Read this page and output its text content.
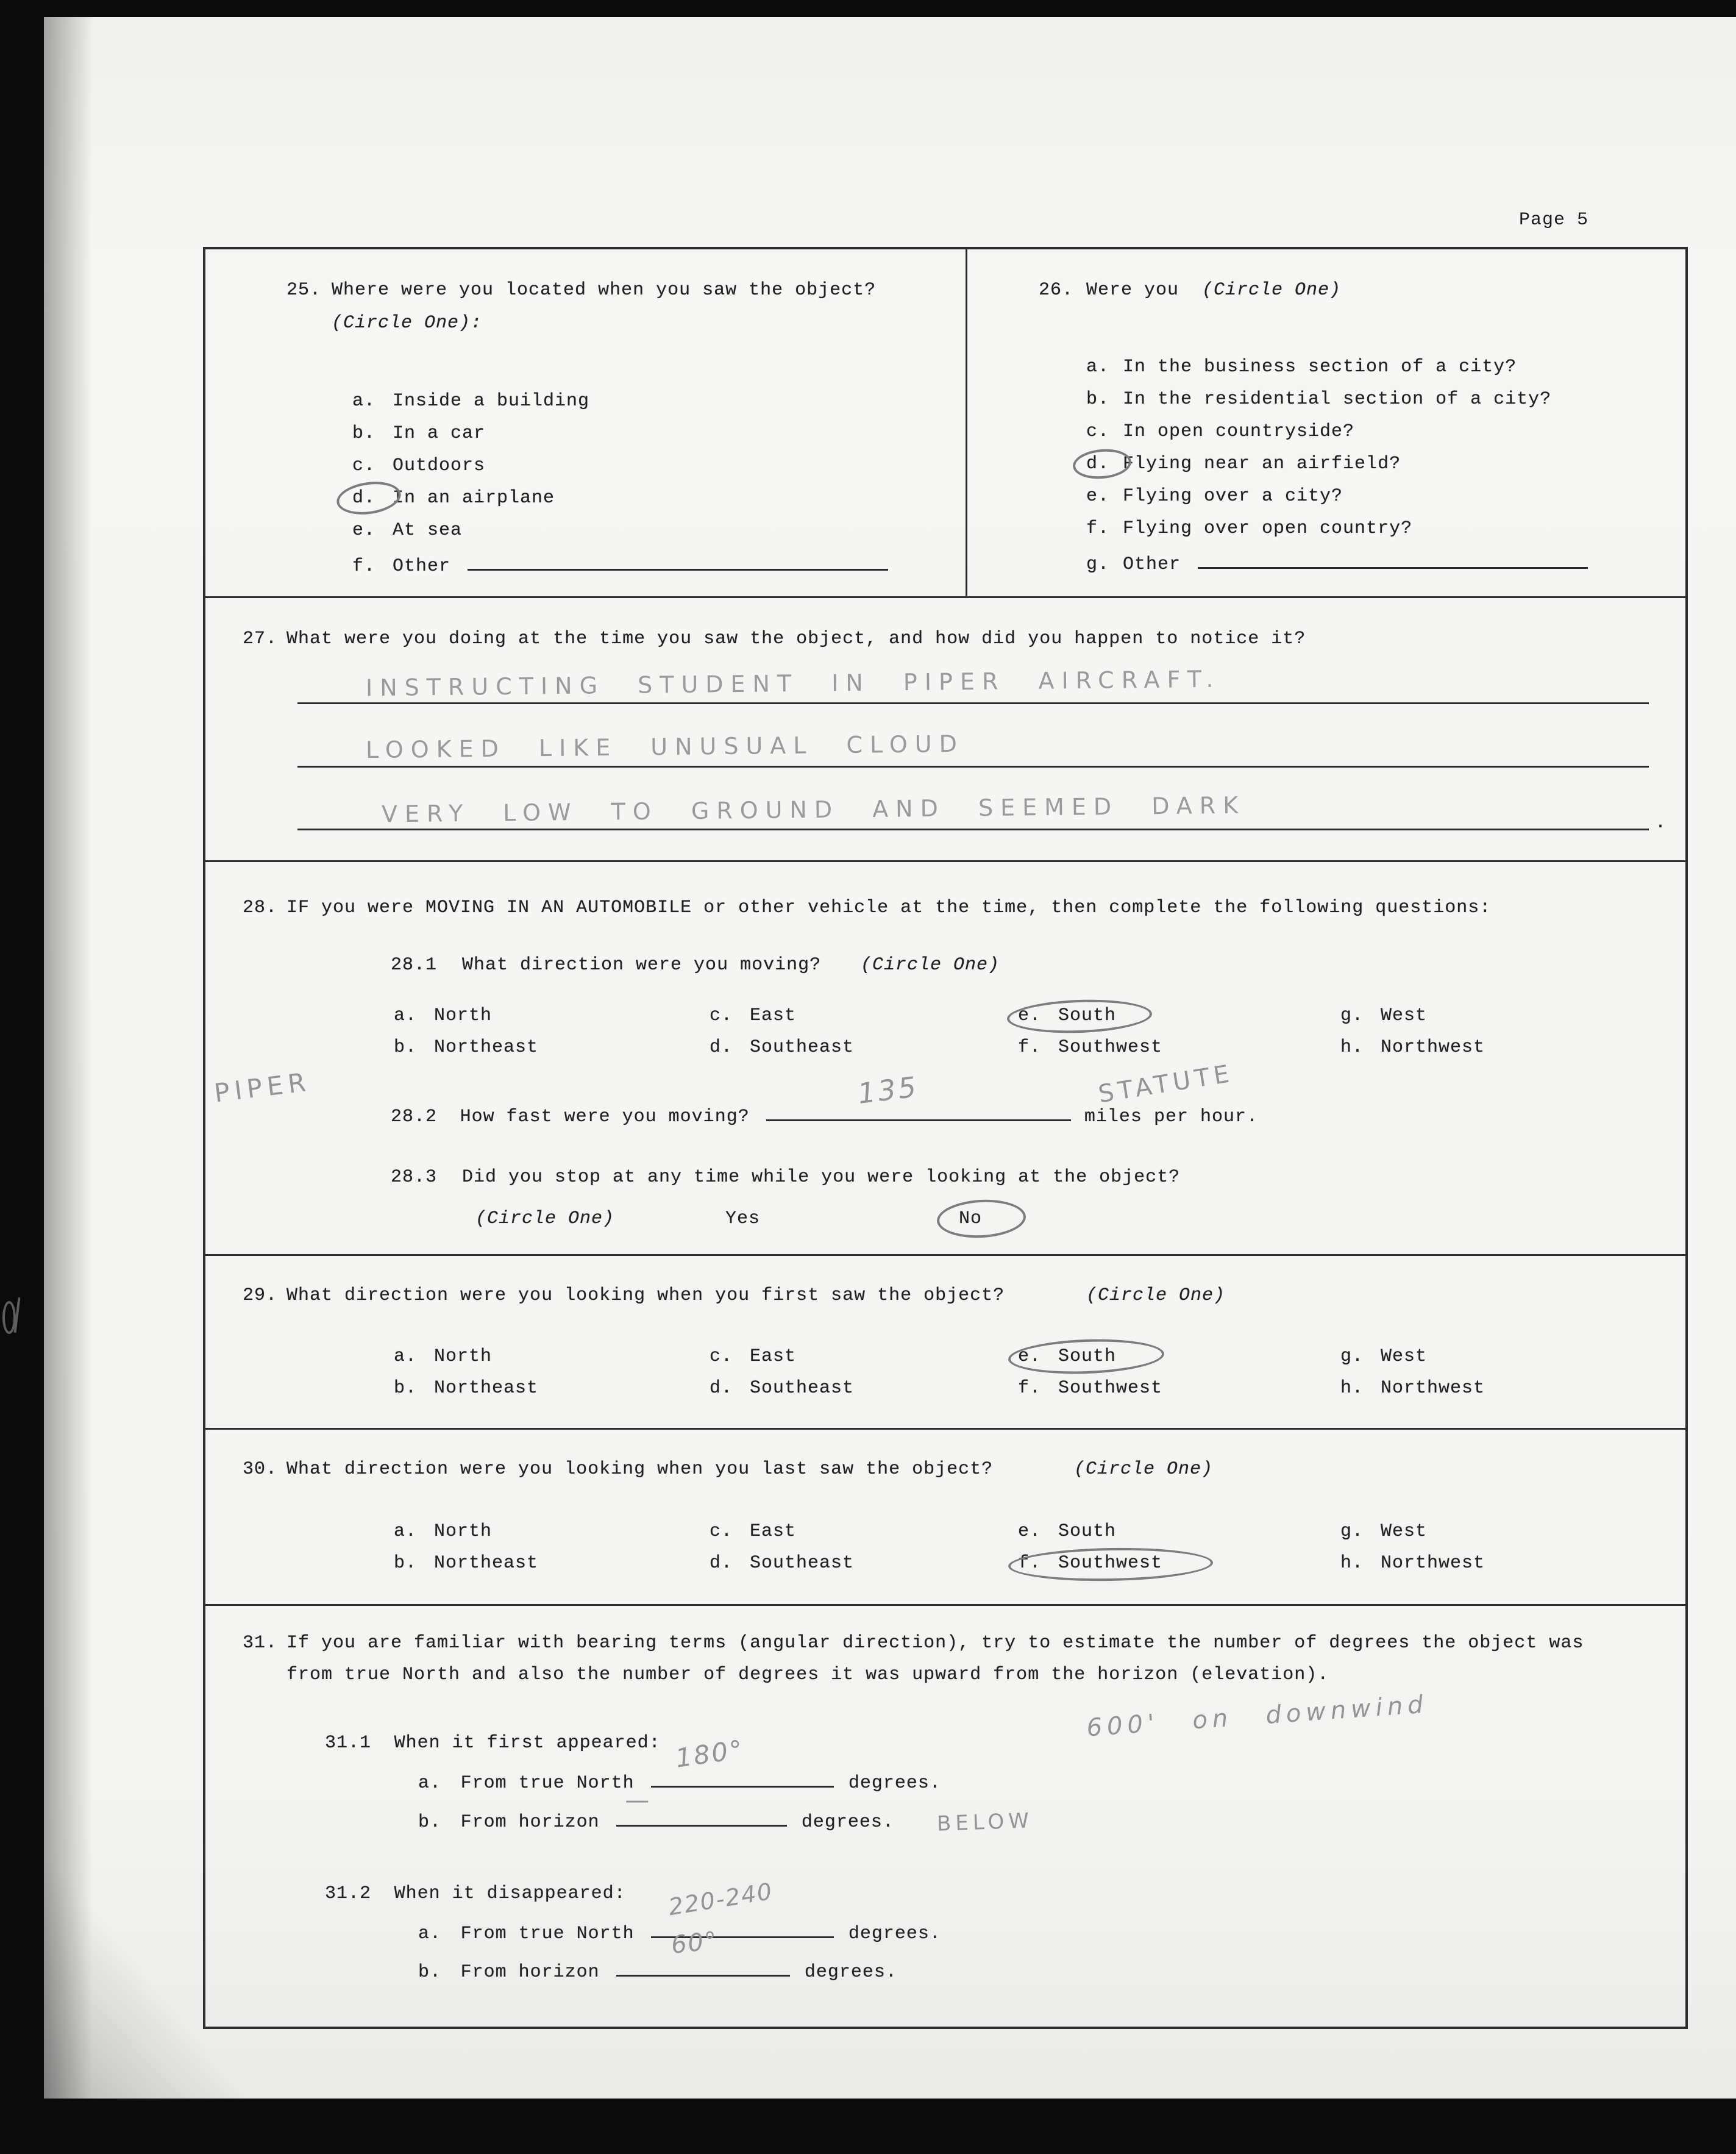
Page 5
25. Where were you located when you saw the object?
(Circle One):
a. Inside a building
b. In a car
c. Outdoors
d. In an airplane
e. At sea
f. Other
26. Were you (Circle One)
a. In the business section of a city?
b. In the residential section of a city?
c. In open countryside?
d. Flying near an airfield?
e. Flying over a city?
f. Flying over open country?
g. Other
27. What were you doing at the time you saw the object, and how did you happen to notice it?
INSTRUCTING STUDENT IN PIPER AIRCRAFT.
LOOKED LIKE UNUSUAL CLOUD
VERY LOW TO GROUND AND SEEMED DARK	.
28. IF you were MOVING IN AN AUTOMOBILE or other vehicle at the time, then complete the following questions:
28.1 What direction were you moving? (Circle One)
a. North	c. East	e. South	g. West
b. Northeast	d. Southeast	f. Southwest	h. Northwest
PIPER
28.2 How fast were you moving?
135
miles per hour.
STATUTE
28.3 Did you stop at any time while you were looking at the object?
(Circle One)	Yes	No
29. What direction were you looking when you first saw the object?	(Circle One)
a. North	c. East	e. South	g. West
b. Northeast	d. Southeast	f. Southwest	h. Northwest
30. What direction were you looking when you last saw the object?	(Circle One)
a. North	c. East	e. South	g. West
b. Northeast	d. Southeast	f. Southwest	h. Northwest
31. If you are familiar with bearing terms (angular direction), try to estimate the number of degrees the object was
from true North and also the number of degrees it was upward from the horizon (elevation).
600' on downwind
31.1 When it first appeared:
a. From true North
180°
degrees.
b. From horizon
—
degrees. BELOW
31.2 When it disappeared:
a. From true North
220-240
degrees.
b. From horizon
60°
degrees.
